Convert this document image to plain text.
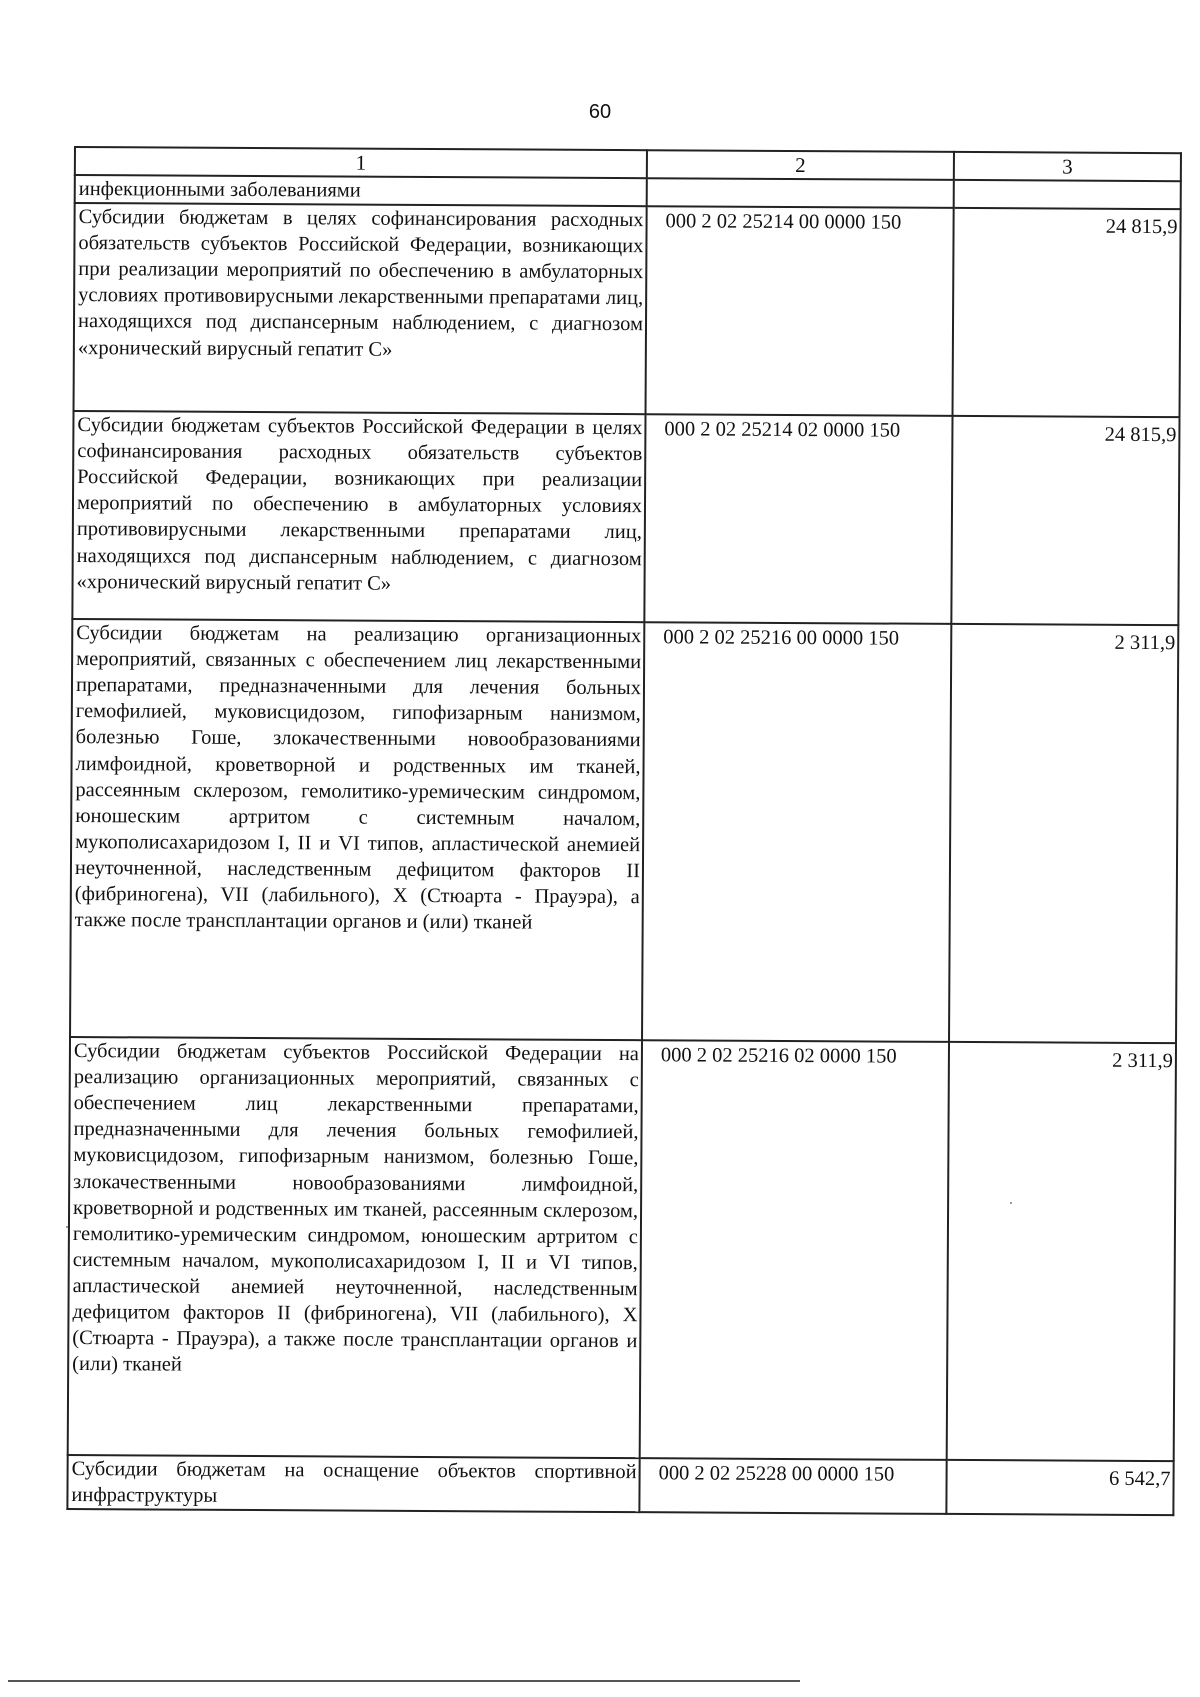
60
1	2	3
инфекционными заболеваниями		
Субсидии бюджетам в целях софинансирования расходных обязательств субъектов Российской Федерации, возникающих при реализации мероприятий по обеспечению в амбулаторных условиях противовирусными лекарственными препаратами лиц, находящихся под диспансерным наблюдением, с диагнозом «хронический вирусный гепатит С»	000 2 02 25214 00 0000 150	24 815,9
Субсидии бюджетам субъектов Российской Федерации в целях софинансирования расходных обязательств субъектов Российской Федерации, возникающих при реализации мероприятий по обеспечению в амбулаторных условиях противовирусными лекарственными препаратами лиц, находящихся под диспансерным наблюдением, с диагнозом «хронический вирусный гепатит С»	000 2 02 25214 02 0000 150	24 815,9
Субсидии бюджетам на реализацию организационных мероприятий, связанных с обеспечением лиц лекарственными препаратами, предназначенными для лечения больных гемофилией, муковисцидозом, гипофизарным нанизмом, болезнью Гоше, злокачественными новообразованиями лимфоидной, кроветворной и родственных им тканей, рассеянным склерозом, гемолитико-уремическим синдромом, юношеским артритом с системным началом, мукополисахаридозом I, II и VI типов, апластической анемией неуточненной, наследственным дефицитом факторов II (фибриногена), VII (лабильного), X (Стюарта - Прауэра), а также после трансплантации органов и (или) тканей	000 2 02 25216 00 0000 150	2 311,9
Субсидии бюджетам субъектов Российской Федерации на реализацию организационных мероприятий, связанных с обеспечением лиц лекарственными препаратами, предназначенными для лечения больных гемофилией, муковисцидозом, гипофизарным нанизмом, болезнью Гоше, злокачественными новообразованиями лимфоидной, кроветворной и родственных им тканей, рассеянным склерозом, гемолитико-уремическим синдромом, юношеским артритом с системным началом, мукополисахаридозом I, II и VI типов, апластической анемией неуточненной, наследственным дефицитом факторов II (фибриногена), VII (лабильного), X (Стюарта - Прауэра), а также после трансплантации органов и (или) тканей	000 2 02 25216 02 0000 150	2 311,9
Субсидии бюджетам на оснащение объектов спортивной инфраструктуры	000 2 02 25228 00 0000 150	6 542,7
